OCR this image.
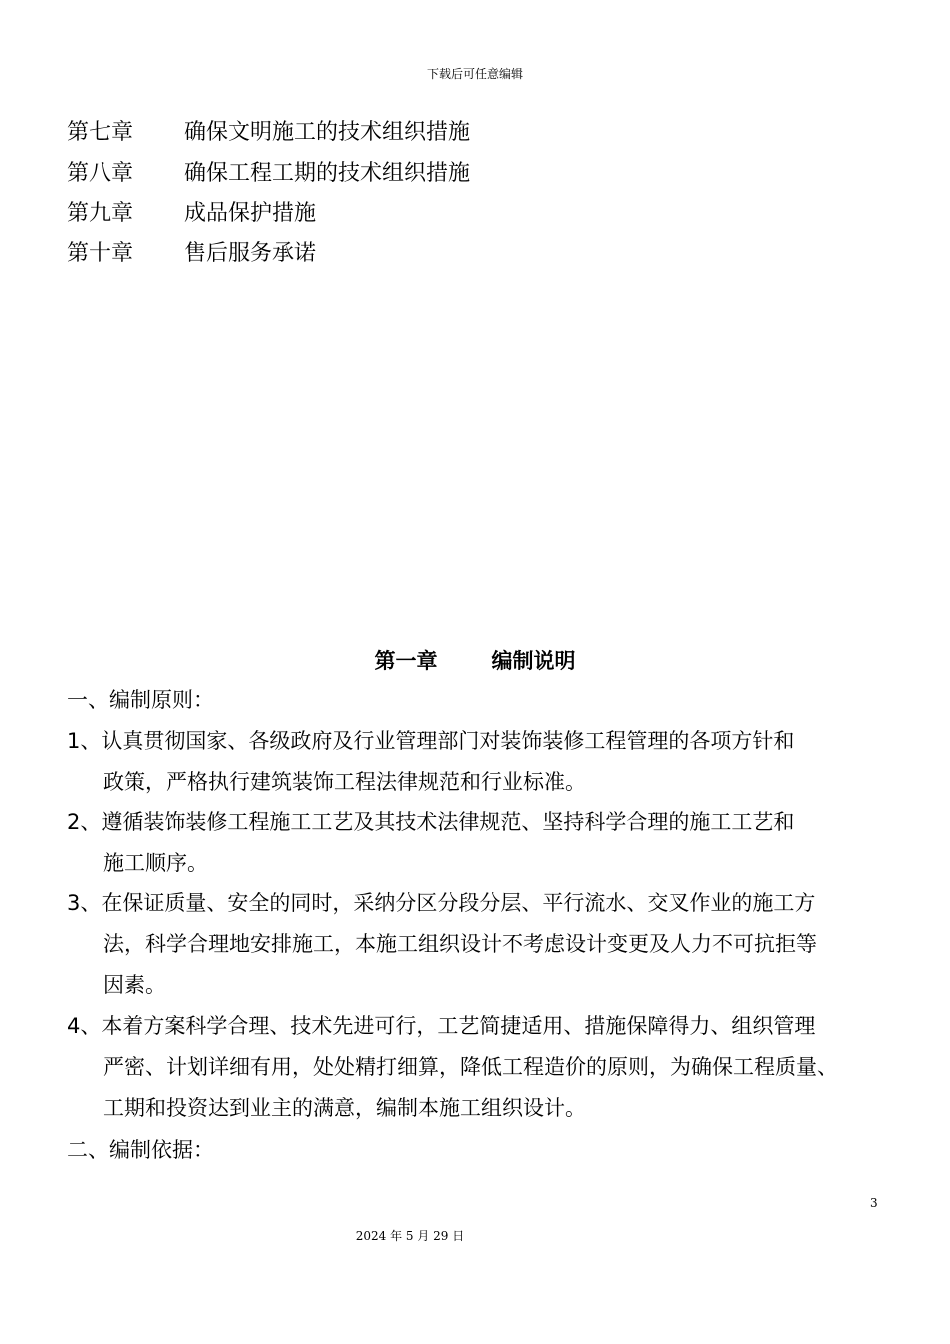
下载后可任意编辑
第七章 确保文明施工的技术组织措施
第八章 确保工程工期的技术组织措施
第九章 成品保护措施
第十章 售后服务承诺
第一章	编制说明
一、编制原则：
1、认真贯彻国家、各级政府及行业管理部门对装饰装修工程管理的各项方针和
政策，严格执行建筑装饰工程法律规范和行业标准。
2、遵循装饰装修工程施工工艺及其技术法律规范、坚持科学合理的施工工艺和
施工顺序。
3、在保证质量、安全的同时，采纳分区分段分层、平行流水、交叉作业的施工方
法，科学合理地安排施工，本施工组织设计不考虑设计变更及人力不可抗拒等
因素。
4、本着方案科学合理、技术先进可行，工艺简捷适用、措施保障得力、组织管理
严密、计划详细有用，处处精打细算，降低工程造价的原则，为确保工程质量、
工期和投资达到业主的满意，编制本施工组织设计。
二、编制依据：
3
2024 年 5 月 29 日
